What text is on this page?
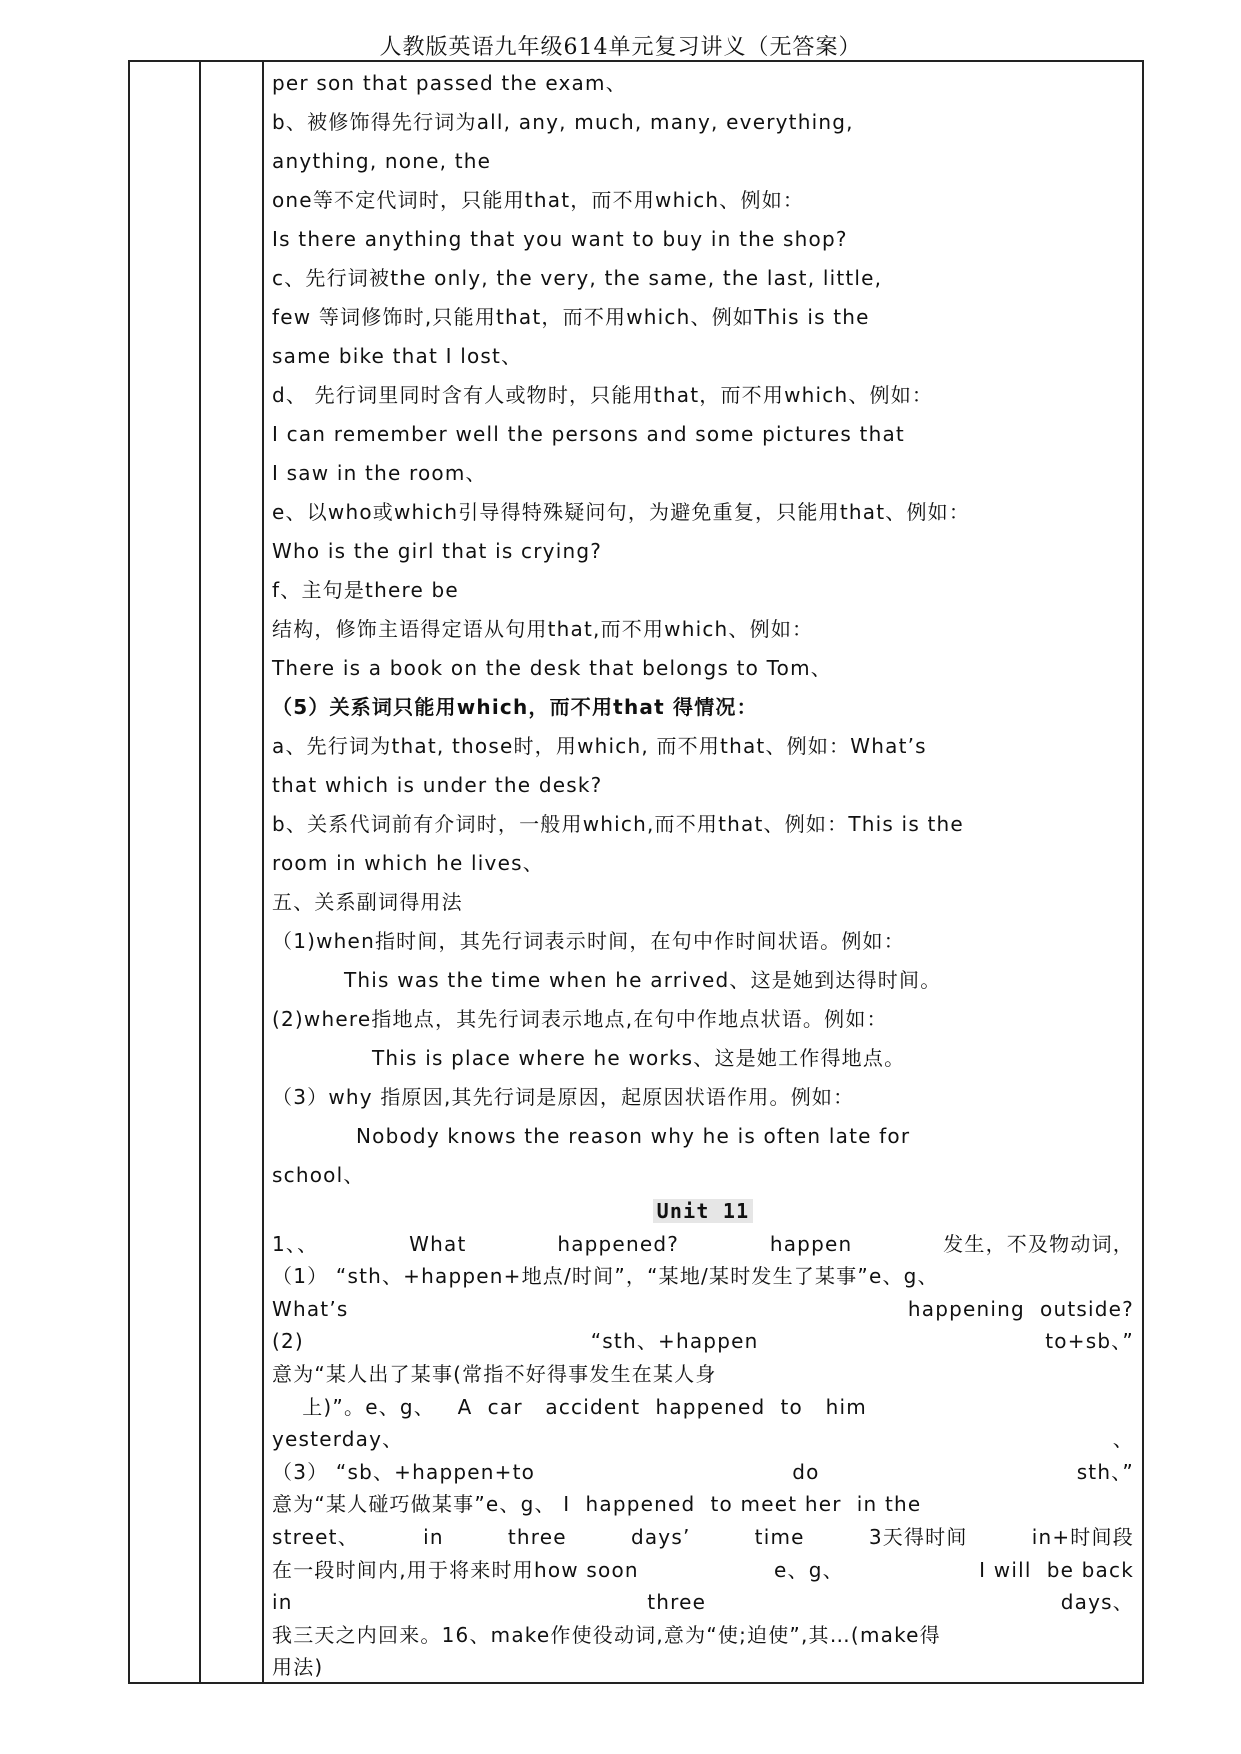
人教版英语九年级614单元复习讲义（无答案）

per son that passed the exam、

b、被修饰得先行词为all, any, much, many, everything,

anything, none, the

one等不定代词时，只能用that，而不用which、例如：

Is there anything that you want to buy in the shop?

c、先行词被the only, the very, the same, the last, little,

few 等词修饰时,只能用that，而不用which、例如This is the

same bike that I lost、

d、 先行词里同时含有人或物时，只能用that，而不用which、例如：

I can remember well the persons and some pictures that

I saw in the room、

e、以who或which引导得特殊疑问句，为避免重复，只能用that、例如：

Who is the girl that is crying?

f、主句是there be

结构，修饰主语得定语从句用that,而不用which、例如：

There is a book on the desk that belongs to Tom、

（5）关系词只能用which，而不用that 得情况：

a、先行词为that, those时，用which, 而不用that、例如：What’s

that which is under the desk?

b、关系代词前有介词时，一般用which,而不用that、例如：This is the

room in which he lives、

五、关系副词得用法

（1)when指时间，其先行词表示时间，在句中作时间状语。例如：

This was the time when he arrived、这是她到达得时间。

(2)where指地点，其先行词表示地点,在句中作地点状语。例如：

This is place where he works、这是她工作得地点。

（3）why 指原因,其先行词是原因，起原因状语作用。例如：

Nobody knows the reason why he is often late for

school、

Unit 11

1、、	What	happened?	happen	发生，不及物动词，

（1） “sth、+happen+地点/时间”，“某地/某时发生了某事”e、g、

What’s	happening  outside?

(2)	“sth、+happen	to+sb、”

意为“某人出了某事(常指不好得事发生在某人身

上)”。e、g、   A  car   accident  happened  to   him

yesterday、	、

（3） “sb、+happen+to	do	sth、”

意为“某人碰巧做某事”e、g、 I  happened  to meet her  in the

street、	in	three	days’	time	3天得时间	in+时间段

在一段时间内,用于将来时用how soon	e、g、	I will  be back

in	three	days、

我三天之内回来。16、make作使役动词,意为“使;迫使”,其…(make得

用法)
